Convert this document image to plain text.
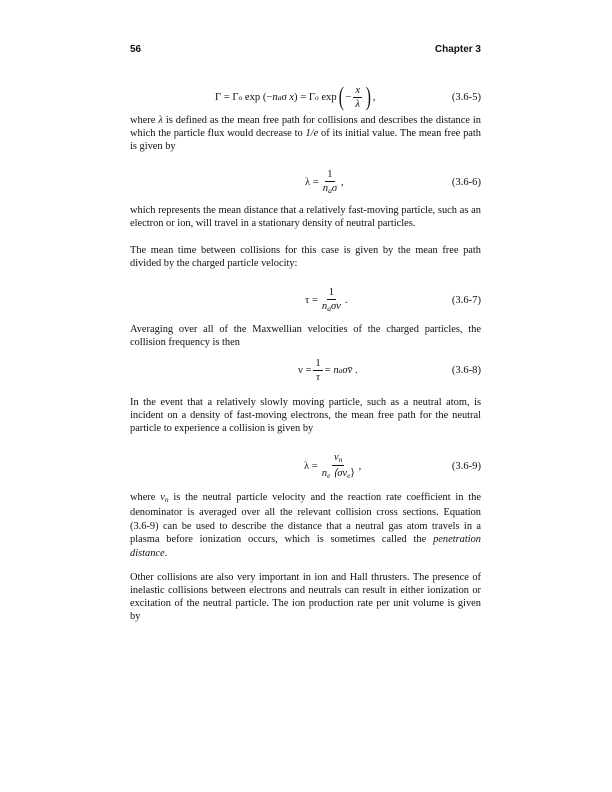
56	Chapter 3
Γ = Γ o exp (− n a σ x ) = Γ o exp ( − $\frac{x}{\lambda}$ ) ,	(3.6-5)

where λ is defined as the mean free path for collisions and describes the distance in which the particle flux would decrease to 1/e of its initial value. The mean free path is given by

$\lambda = \frac{1}{n_a\sigma}$ ,	(3.6-6)

which represents the mean distance that a relatively fast-moving particle, such as an electron or ion, will travel in a stationary density of neutral particles.

The mean time between collisions for this case is given by the mean free path divided by the charged particle velocity:

$\tau = \frac{1}{n_a\sigma v}$ .	(3.6-7)

Averaging over all of the Maxwellian velocities of the charged particles, the collision frequency is then

$\nu = \frac{1}{\tau}$ =
n a σv̄
.	(3.6-8)

In the event that a relatively slowly moving particle, such as a neutral atom, is incident on a density of fast-moving electrons, the mean free path for the neutral particle to experience a collision is given by

$\lambda = \frac{v_n}{n_e ⟨\sigma v_e⟩}$ ,	(3.6-9)

where $v_n$ is the neutral particle velocity and the reaction rate coefficient in the denominator is averaged over all the relevant collision cross sections. Equation (3.6-9) can be used to describe the distance that a neutral gas atom travels in a plasma before ionization occurs, which is sometimes called the penetration distance.

Other collisions are also very important in ion and Hall thrusters. The presence of inelastic collisions between electrons and neutrals can result in either ionization or excitation of the neutral particle. The ion production rate per unit volume is given by
